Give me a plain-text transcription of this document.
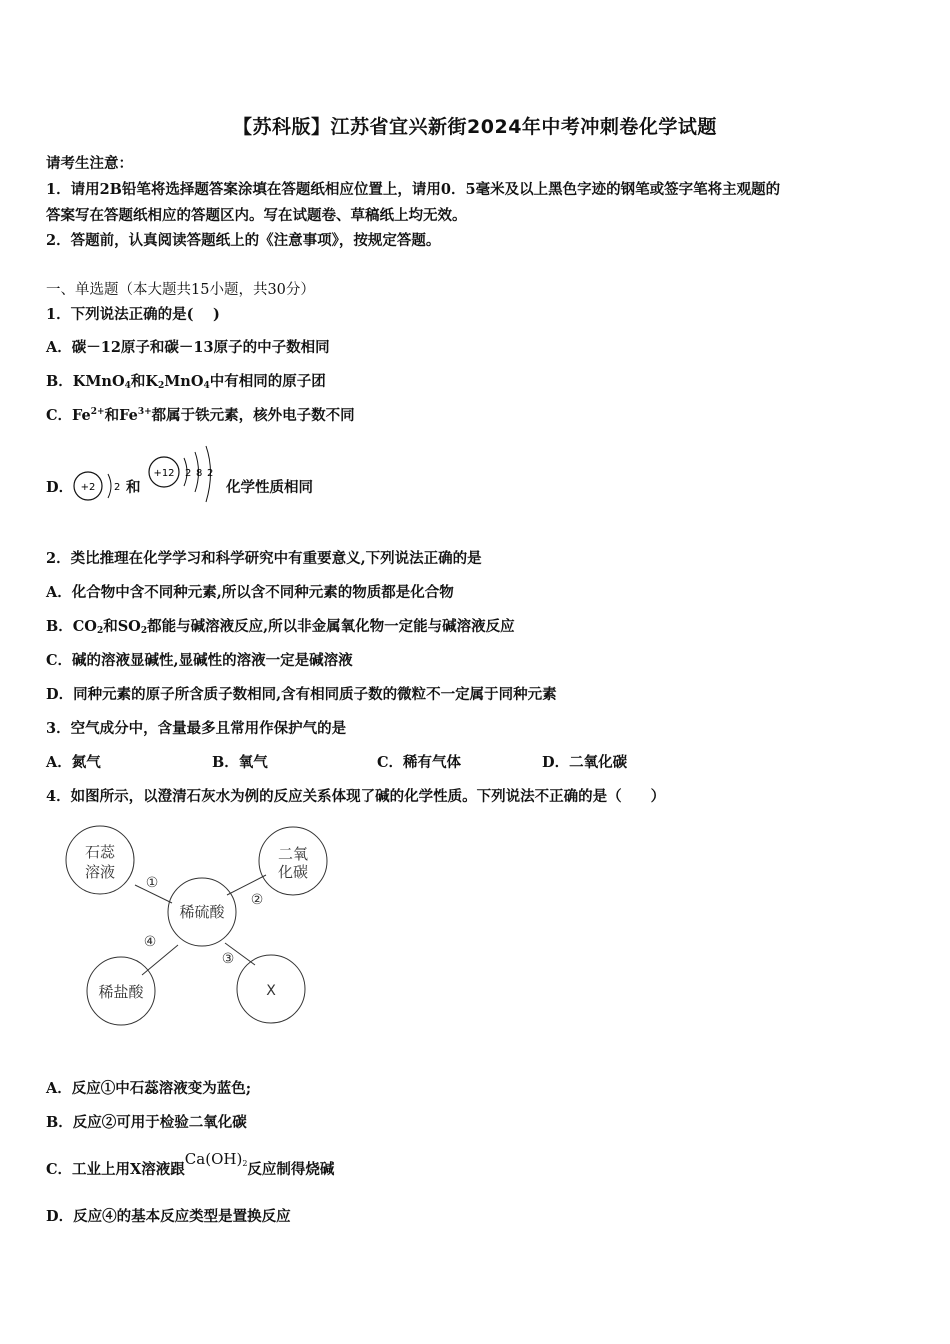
【苏科版】江苏省宜兴新街2024年中考冲刺卷化学试题
请考生注意：
1．请用2B铅笔将选择题答案涂填在答题纸相应位置上，请用0．5毫米及以上黑色字迹的钢笔或签字笔将主观题的
答案写在答题纸相应的答题区内。写在试题卷、草稿纸上均无效。
2．答题前，认真阅读答题纸上的《注意事项》，按规定答题。
一、单选题（本大题共15小题，共30分）
1．下列说法正确的是(　 )
A．碳－12原子和碳－13原子的中子数相同
B．KMnO$_4$和$K_2MnO_4$中有相同的原子团
C．$Fe^{2+}$和$Fe^{3+}$都属于铁元素，核外电子数不同
D． +2 2 和
+12 2 8 2
化学性质相同
2．类比推理在化学学习和科学研究中有重要意义,下列说法正确的是
A．化合物中含不同种元素,所以含不同种元素的物质都是化合物
B．$CO_2$和$SO_2$都能与碱溶液反应,所以非金属氧化物一定能与碱溶液反应
C．碱的溶液显碱性,显碱性的溶液一定是碱溶液
D．同种元素的原子所含质子数相同,含有相同质子数的微粒不一定属于同种元素
3．空气成分中，含量最多且常用作保护气的是
A．氮气	B．氧气	C．稀有气体	D．二氧化碳
4．如图所示，以澄清石灰水为例的反应关系体现了碱的化学性质。下列说法不正确的是（　　）
石蕊
溶液
二氧
化碳
稀硫酸
稀盐酸	X
①
②
③
④
A．反应①中石蕊溶液变为蓝色;
B．反应②可用于检验二氧化碳
C．工业上用X溶液跟$Ca(OH)_2$反应制得烧碱
D．反应④的基本反应类型是置换反应
